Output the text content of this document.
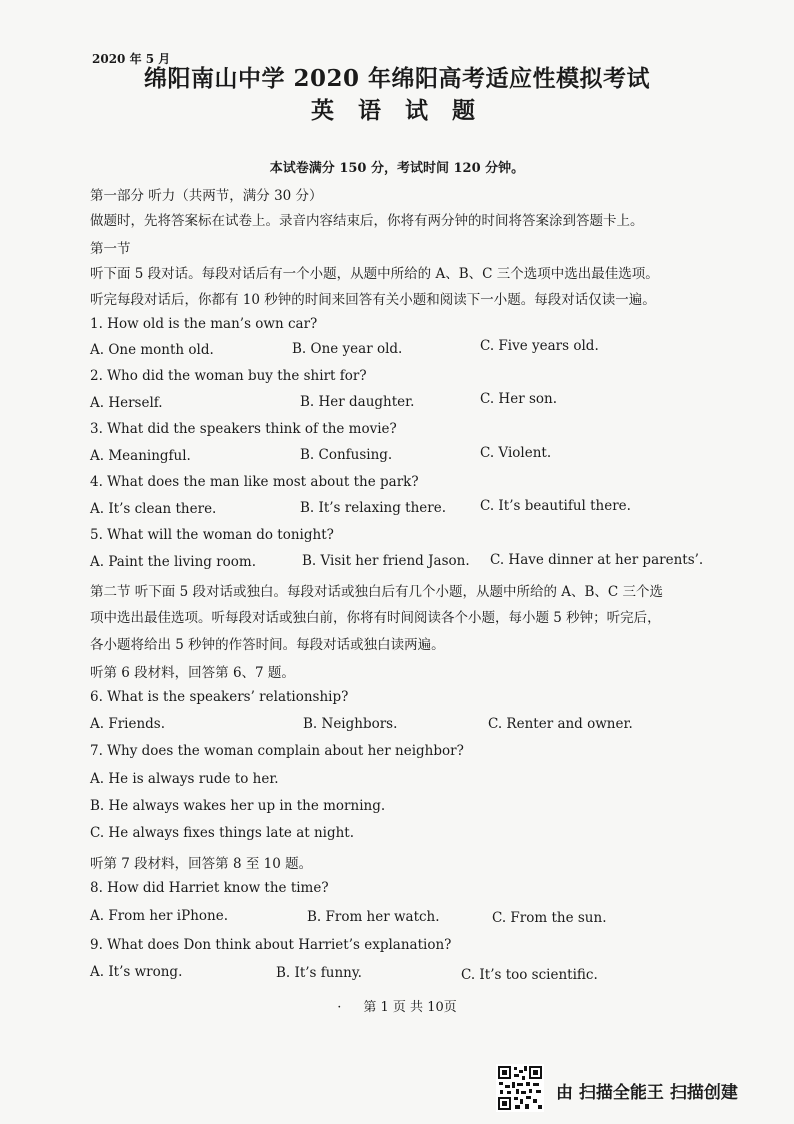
2020 年 5 月
绵阳南山中学 2020 年绵阳高考适应性模拟考试
英 语 试 题
本试卷满分 150 分，考试时间 120 分钟。
第一部分 听力（共两节，满分 30 分）
做题时，先将答案标在试卷上。录音内容结束后，你将有两分钟的时间将答案涂到答题卡上。
第一节
听下面 5 段对话。每段对话后有一个小题，从题中所给的 A、B、C 三个选项中选出最佳选项。
听完每段对话后，你都有 10 秒钟的时间来回答有关小题和阅读下一小题。每段对话仅读一遍。
1. How old is the man’s own car?
A. One month old.	B. One year old.	C. Five years old.
2. Who did the woman buy the shirt for?
A. Herself.	B. Her daughter.	C. Her son.
3. What did the speakers think of the movie?
A. Meaningful.	B. Confusing.	C. Violent.
4. What does the man like most about the park?
A. It’s clean there.	B. It’s relaxing there.	C. It’s beautiful there.
5. What will the woman do tonight?
A. Paint the living room.	B. Visit her friend Jason. C. Have dinner at her parents’.
第二节 听下面 5 段对话或独白。每段对话或独白后有几个小题，从题中所给的 A、B、C 三个选
项中选出最佳选项。听每段对话或独白前，你将有时间阅读各个小题，每小题 5 秒钟；听完后，
各小题将给出 5 秒钟的作答时间。每段对话或独白读两遍。
听第 6 段材料，回答第 6、7 题。
6. What is the speakers’ relationship?
A. Friends.	B. Neighbors.	C. Renter and owner.
7. Why does the woman complain about her neighbor?
A. He is always rude to her.
B. He always wakes her up in the morning.
C. He always fixes things late at night.
听第 7 段材料，回答第 8 至 10 题。
8. How did Harriet know the time?
A. From her iPhone.	B. From her watch.	C. From the sun.
9. What does Don think about Harriet’s explanation?
A. It’s wrong.	B. It’s funny.	C. It’s too scientific.
· 第 1 页 共 10页
由 扫描全能王 扫描创建
